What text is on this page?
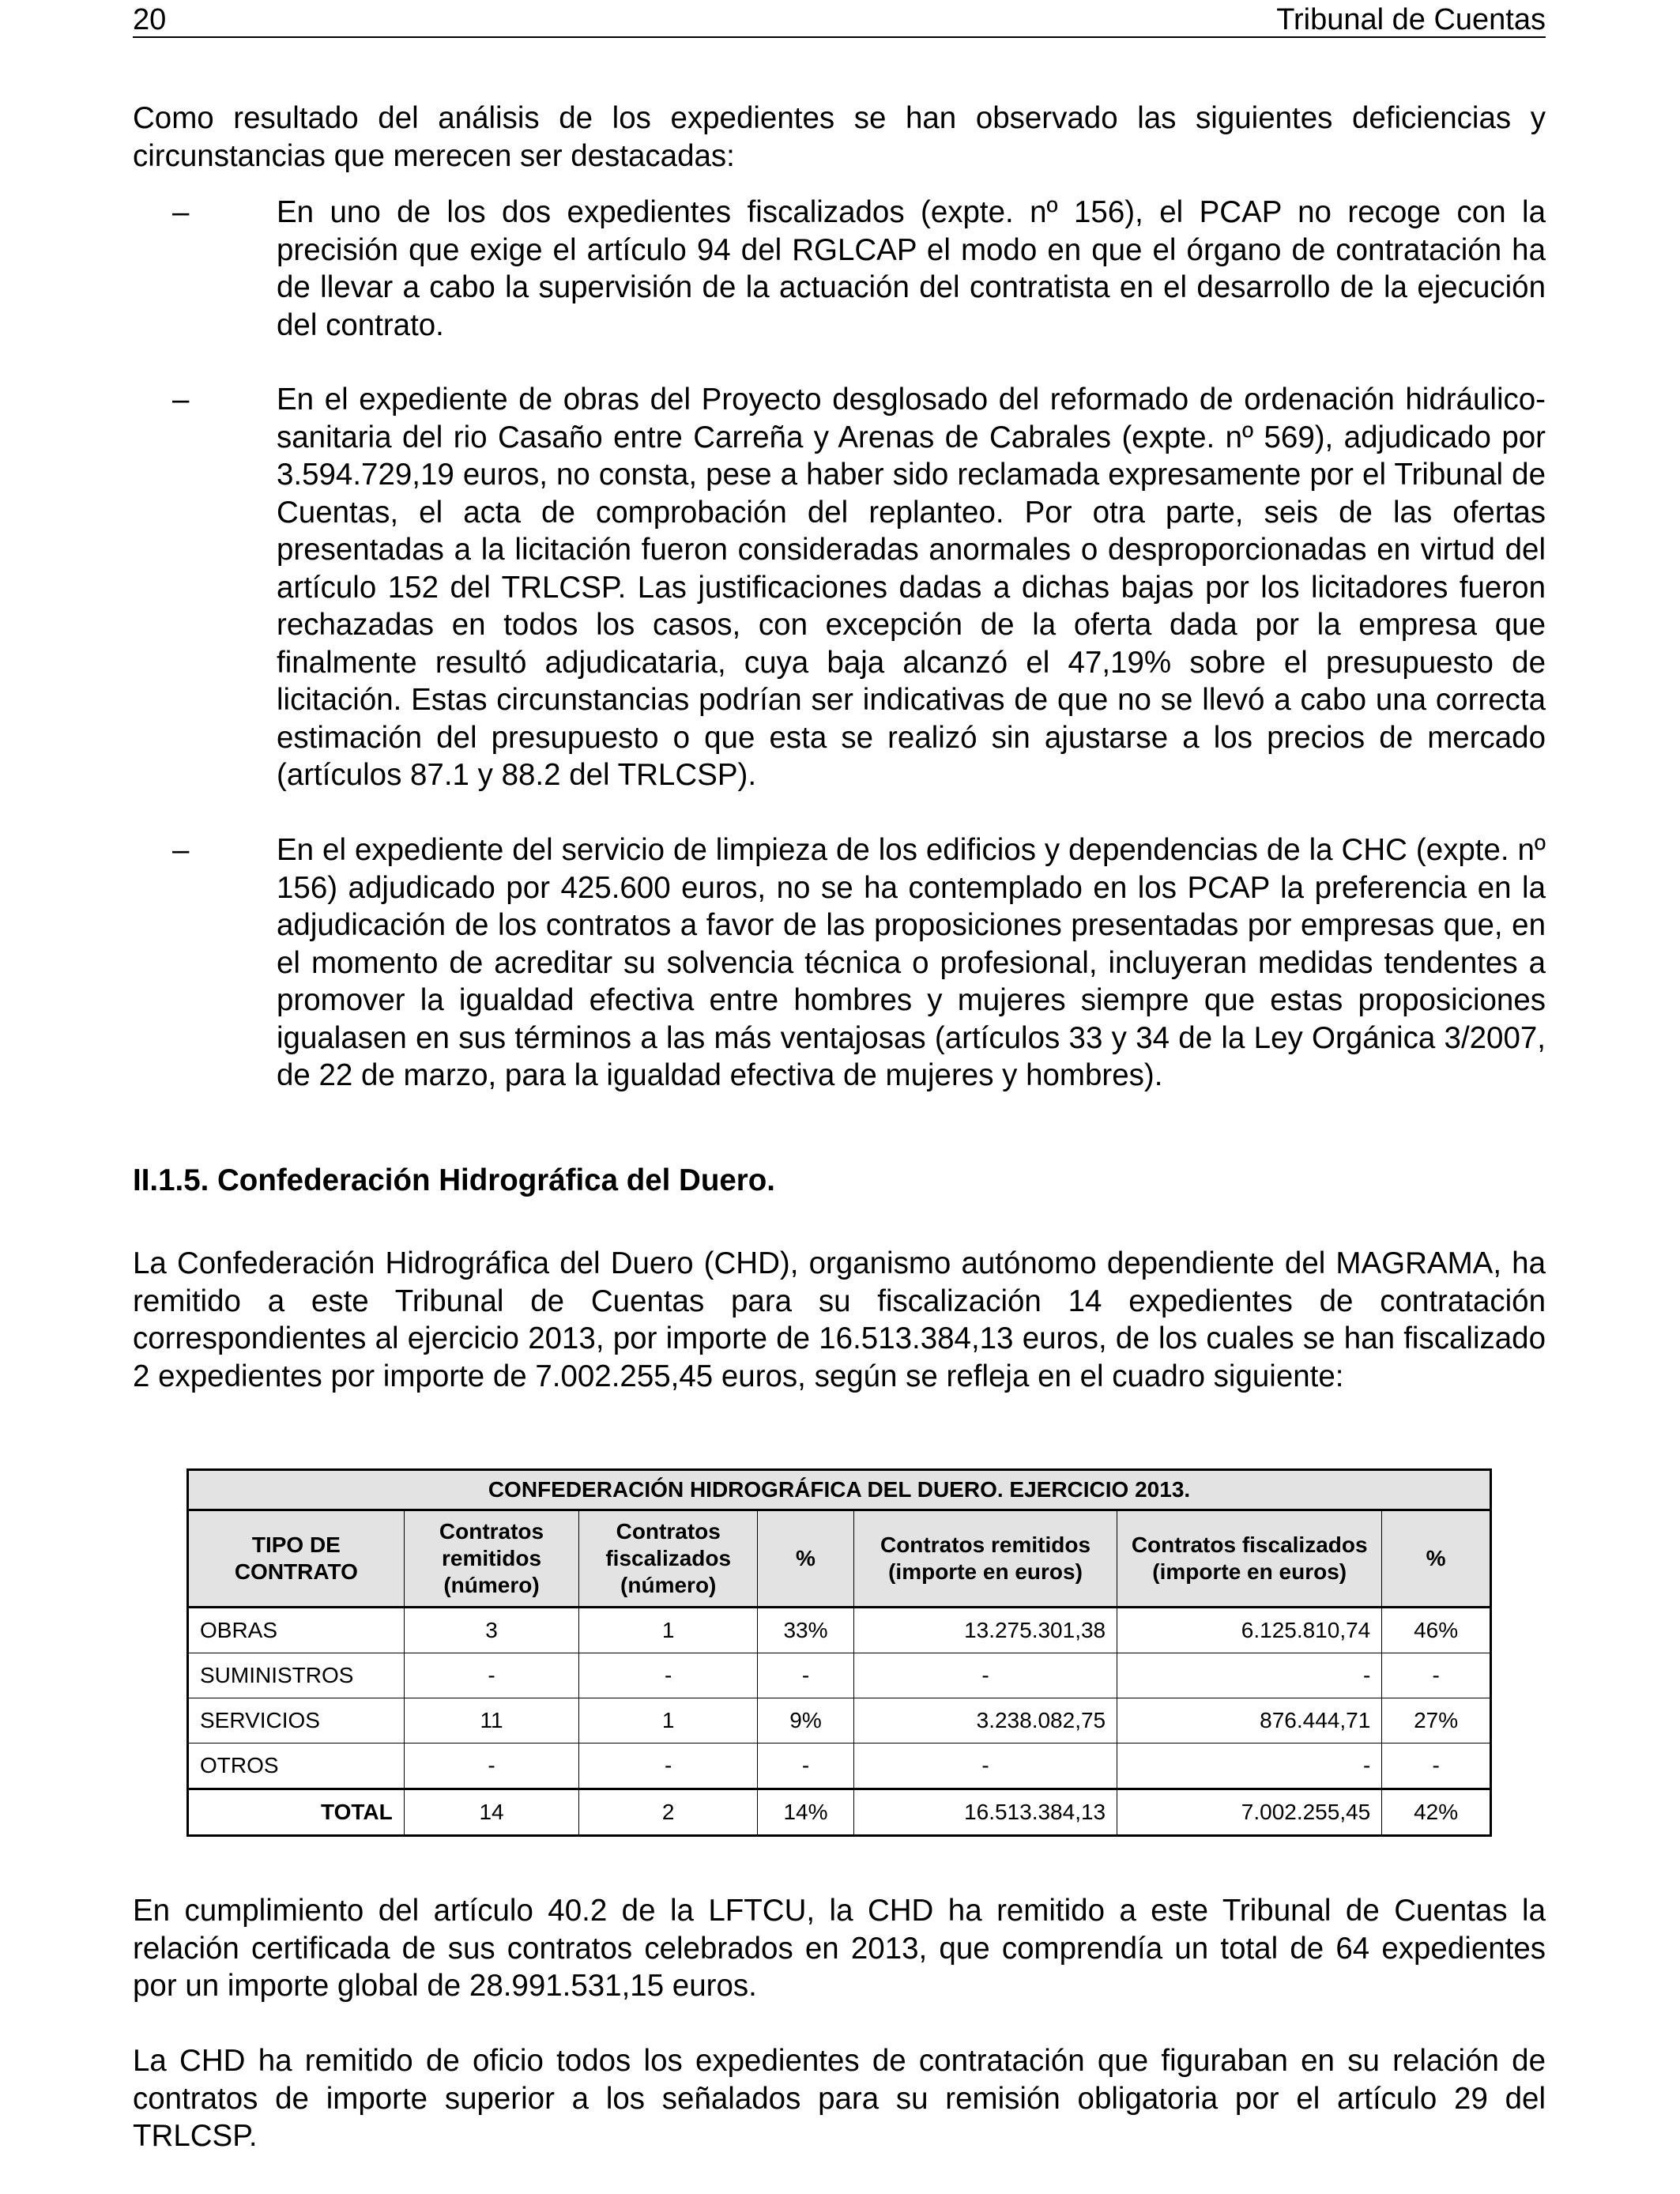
20	Tribunal de Cuentas

Como resultado del análisis de los expedientes se han observado las siguientes deficiencias y circunstancias que merecen ser destacadas:

–	En uno de los dos expedientes fiscalizados (expte. nº 156), el PCAP no recoge con la precisión que exige el artículo 94 del RGLCAP el modo en que el órgano de contratación ha de llevar a cabo la supervisión de la actuación del contratista en el desarrollo de la ejecución del contrato.

–	En el expediente de obras del Proyecto desglosado del reformado de ordenación hidráulico-sanitaria del rio Casaño entre Carreña y Arenas de Cabrales (expte. nº 569), adjudicado por 3.594.729,19 euros, no consta, pese a haber sido reclamada expresamente por el Tribunal de Cuentas, el acta de comprobación del replanteo. Por otra parte, seis de las ofertas presentadas a la licitación fueron consideradas anormales o desproporcionadas en virtud del artículo 152 del TRLCSP. Las justificaciones dadas a dichas bajas por los licitadores fueron rechazadas en todos los casos, con excepción de la oferta dada por la empresa que finalmente resultó adjudicataria, cuya baja alcanzó el 47,19% sobre el presupuesto de licitación. Estas circunstancias podrían ser indicativas de que no se llevó a cabo una correcta estimación del presupuesto o que esta se realizó sin ajustarse a los precios de mercado (artículos 87.1 y 88.2 del TRLCSP).

–	En el expediente del servicio de limpieza de los edificios y dependencias de la CHC (expte. nº 156) adjudicado por 425.600 euros, no se ha contemplado en los PCAP la preferencia en la adjudicación de los contratos a favor de las proposiciones presentadas por empresas que, en el momento de acreditar su solvencia técnica o profesional, incluyeran medidas tendentes a promover la igualdad efectiva entre hombres y mujeres siempre que estas proposiciones igualasen en sus términos a las más ventajosas (artículos 33 y 34 de la Ley Orgánica 3/2007, de 22 de marzo, para la igualdad efectiva de mujeres y hombres).

II.1.5. Confederación Hidrográfica del Duero.

La Confederación Hidrográfica del Duero (CHD), organismo autónomo dependiente del MAGRAMA, ha remitido a este Tribunal de Cuentas para su fiscalización 14 expedientes de contratación correspondientes al ejercicio 2013, por importe de 16.513.384,13 euros, de los cuales se han fiscalizado 2 expedientes por importe de 7.002.255,45 euros, según se refleja en el cuadro siguiente:

CONFEDERACIÓN HIDROGRÁFICA DEL DUERO. EJERCICIO 2013.						
TIPO DE CONTRATO	Contratos remitidos (número)	Contratos fiscalizados (número)	%	Contratos remitidos (importe en euros)	Contratos fiscalizados (importe en euros)	%
OBRAS	3	1	33%	13.275.301,38	6.125.810,74	46%
SUMINISTROS	-	-	-	-	-	-
SERVICIOS	11	1	9%	3.238.082,75	876.444,71	27%
OTROS	-	-	-	-	-	-
TOTAL	14	2	14%	16.513.384,13	7.002.255,45	42%

En cumplimiento del artículo 40.2 de la LFTCU, la CHD ha remitido a este Tribunal de Cuentas la relación certificada de sus contratos celebrados en 2013, que comprendía un total de 64 expedientes por un importe global de 28.991.531,15 euros.

La CHD ha remitido de oficio todos los expedientes de contratación que figuraban en su relación de contratos de importe superior a los señalados para su remisión obligatoria por el artículo 29 del TRLCSP.
